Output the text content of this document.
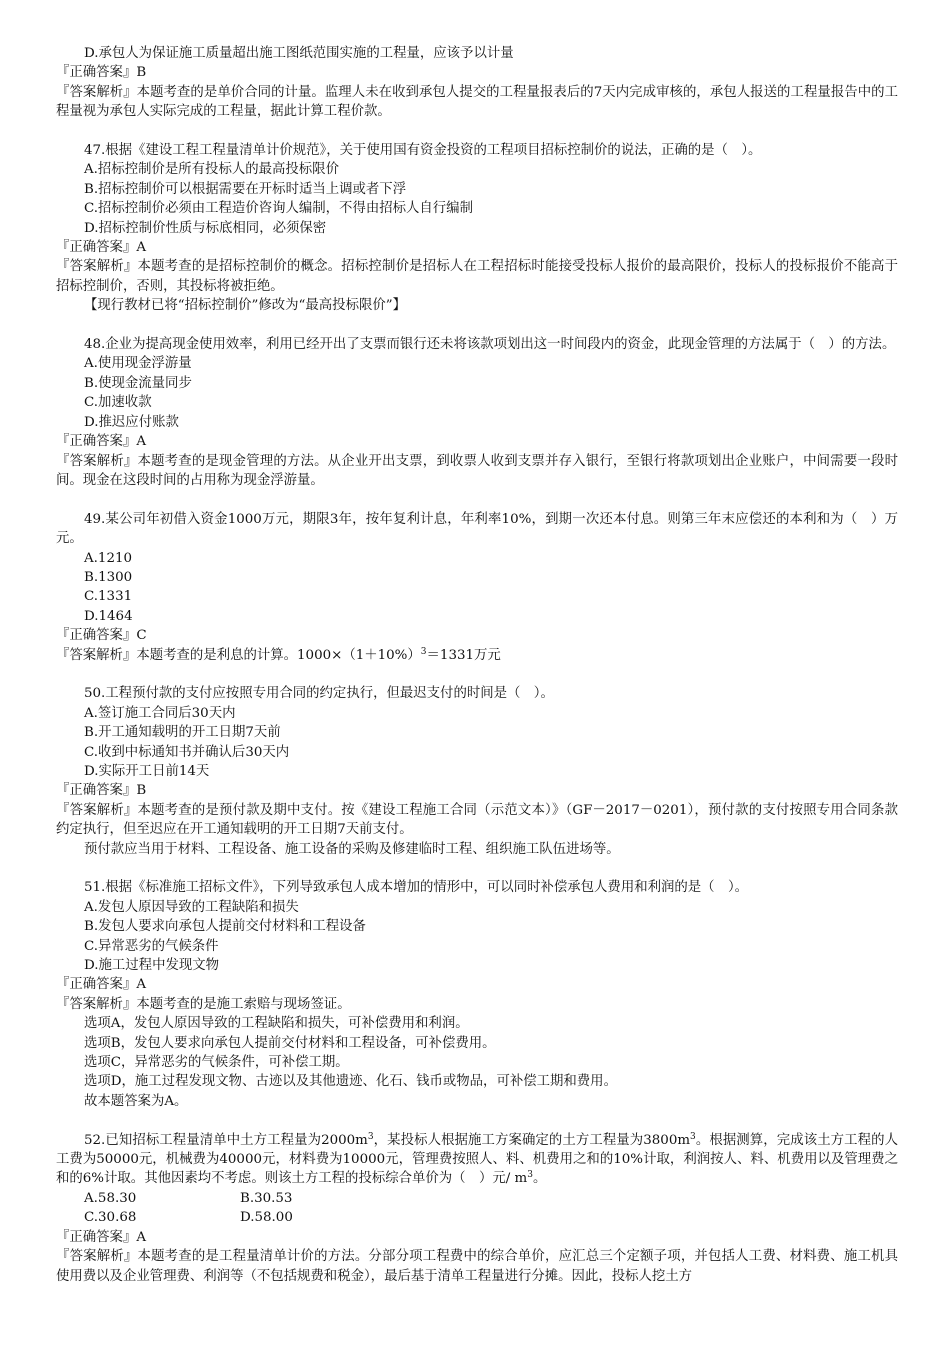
D.承包人为保证施工质量超出施工图纸范围实施的工程量，应该予以计量
『正确答案』B
『答案解析』本题考查的是单价合同的计量。监理人未在收到承包人提交的工程量报表后的7天内完成审核的，承包人报送的工程量报告中的工程量视为承包人实际完成的工程量，据此计算工程价款。
47.根据《建设工程工程量清单计价规范》，关于使用国有资金投资的工程项目招标控制价的说法，正确的是（　）。
A.招标控制价是所有投标人的最高投标限价
B.招标控制价可以根据需要在开标时适当上调或者下浮
C.招标控制价必须由工程造价咨询人编制，不得由招标人自行编制
D.招标控制价性质与标底相同，必须保密
『正确答案』A
『答案解析』本题考查的是招标控制价的概念。招标控制价是招标人在工程招标时能接受投标人报价的最高限价，投标人的投标报价不能高于招标控制价，否则，其投标将被拒绝。
【现行教材已将“招标控制价”修改为“最高投标限价”】
48.企业为提高现金使用效率，利用已经开出了支票而银行还未将该款项划出这一时间段内的资金，此现金管理的方法属于（　）的方法。
A.使用现金浮游量
B.使现金流量同步
C.加速收款
D.推迟应付账款
『正确答案』A
『答案解析』本题考查的是现金管理的方法。从企业开出支票，到收票人收到支票并存入银行，至银行将款项划出企业账户，中间需要一段时间。现金在这段时间的占用称为现金浮游量。
49.某公司年初借入资金1000万元，期限3年，按年复利计息，年利率10%，到期一次还本付息。则第三年末应偿还的本利和为（　）万元。
A.1210
B.1300
C.1331
D.1464
『正确答案』C
『答案解析』本题考查的是利息的计算。$1000\times(1+10\%)^3=1331$万元
50.工程预付款的支付应按照专用合同的约定执行，但最迟支付的时间是（　）。
A.签订施工合同后30天内
B.开工通知载明的开工日期7天前
C.收到中标通知书并确认后30天内
D.实际开工日前14天
『正确答案』B
『答案解析』本题考查的是预付款及期中支付。按《建设工程施工合同（示范文本）》（GF－2017－0201），预付款的支付按照专用合同条款约定执行，但至迟应在开工通知载明的开工日期7天前支付。
预付款应当用于材料、工程设备、施工设备的采购及修建临时工程、组织施工队伍进场等。
51.根据《标准施工招标文件》，下列导致承包人成本增加的情形中，可以同时补偿承包人费用和利润的是（　）。
A.发包人原因导致的工程缺陷和损失
B.发包人要求向承包人提前交付材料和工程设备
C.异常恶劣的气候条件
D.施工过程中发现文物
『正确答案』A
『答案解析』本题考查的是施工索赔与现场签证。
选项A，发包人原因导致的工程缺陷和损失，可补偿费用和利润。
选项B，发包人要求向承包人提前交付材料和工程设备，可补偿费用。
选项C，异常恶劣的气候条件，可补偿工期。
选项D，施工过程发现文物、古迹以及其他遗迹、化石、钱币或物品，可补偿工期和费用。
故本题答案为A。
52.已知招标工程量清单中土方工程量为$2000m^3$，某投标人根据施工方案确定的土方工程量为$3800m^3$。根据测算，完成该土方工程的人工费为50000元，机械费为40000元，材料费为10000元，管理费按照人、料、机费用之和的10%计取，利润按人、料、机费用以及管理费之和的6%计取。其他因素均不考虑。则该土方工程的投标综合单价为（　）元/ $m^3$。
A.58.30	B.30.53
C.30.68	D.58.00
『正确答案』A
『答案解析』本题考查的是工程量清单计价的方法。分部分项工程费中的综合单价，应汇总三个定额子项，并包括人工费、材料费、施工机具使用费以及企业管理费、利润等（不包括规费和税金），最后基于清单工程量进行分摊。因此，投标人挖土方
